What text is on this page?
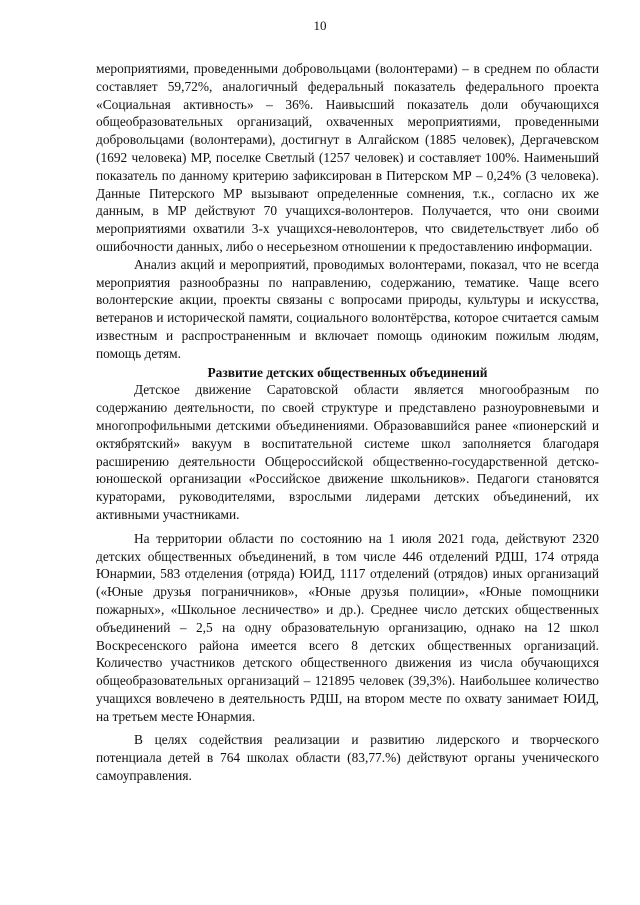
10

мероприятиями, проведенными добровольцами (волонтерами) – в среднем по области составляет 59,72%, аналогичный федеральный показатель федерального проекта «Социальная активность» – 36%. Наивысший показатель доли обучающихся общеобразовательных организаций, охваченных мероприятиями, проведенными добровольцами (волонтерами), достигнут в Алгайском (1885 человек), Дергачевском (1692 человека) МР, поселке Светлый (1257 человек) и составляет 100%. Наименьший показатель по данному критерию зафиксирован в Питерском МР – 0,24% (3 человека). Данные Питерского МР вызывают определенные сомнения, т.к., согласно их же данным, в МР действуют 70 учащихся-волонтеров. Получается, что они своими мероприятиями охватили 3-х учащихся-неволонтеров, что свидетельствует либо об ошибочности данных, либо о несерьезном отношении к предоставлению информации.

Анализ акций и мероприятий, проводимых волонтерами, показал, что не всегда мероприятия разнообразны по направлению, содержанию, тематике. Чаще всего волонтерские акции, проекты связаны с вопросами природы, культуры и искусства, ветеранов и исторической памяти, социального волонтёрства, которое считается самым известным и распространенным и включает помощь одиноким пожилым людям, помощь детям.

Развитие детских общественных объединений

Детское движение Саратовской области является многообразным по содержанию деятельности, по своей структуре и представлено разноуровневыми и многопрофильными детскими объединениями. Образовавшийся ранее «пионерский и октябрятский» вакуум в воспитательной системе школ заполняется благодаря расширению деятельности Общероссийской общественно-государственной детско-юношеской организации «Российское движение школьников». Педагоги становятся кураторами, руководителями, взрослыми лидерами детских объединений, их активными участниками.

На территории области по состоянию на 1 июля 2021 года, действуют 2320 детских общественных объединений, в том числе 446 отделений РДШ, 174 отряда Юнармии, 583 отделения (отряда) ЮИД, 1117 отделений (отрядов) иных организаций («Юные друзья пограничников», «Юные друзья полиции», «Юные помощники пожарных», «Школьное лесничество» и др.). Среднее число детских общественных объединений – 2,5 на одну образовательную организацию, однако на 12 школ Воскресенского района имеется всего 8 детских общественных организаций. Количество участников детского общественного движения из числа обучающихся общеобразовательных организаций – 121895 человек (39,3%). Наибольшее количество учащихся вовлечено в деятельность РДШ, на втором месте по охвату занимает ЮИД, на третьем месте Юнармия.

В целях содействия реализации и развитию лидерского и творческого потенциала детей в 764 школах области (83,77.%) действуют органы ученического самоуправления.
